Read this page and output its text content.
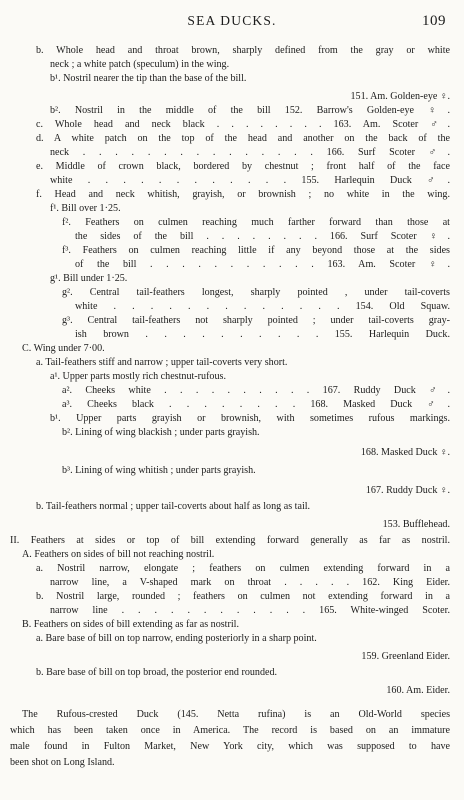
SEA DUCKS.	109
b. Whole head and throat brown, sharply defined from the gray or white
neck ; a white patch (speculum) in the wing.
b¹. Nostril nearer the tip than the base of the bill.
151. Am. Golden-eye ♀.
b². Nostril in the middle of the bill 152. Barrow's Golden-eye ♀.
c. Whole head and neck black . . . . . . . . 163. Am. Scoter ♂.
d. A white patch on the top of the head and another on the back of the
neck . . . . . . . . . . . . . . . 166. Surf Scoter ♂.
e. Middle of crown black, bordered by chestnut ; front half of the face
white . . . . . . . . . . . . 155. Harlequin Duck ♂.
f. Head and neck whitish, grayish, or brownish ; no white in the wing.
f¹. Bill over 1·25.
f². Feathers on culmen reaching much farther forward than those at
the sides of the bill . . . . . . . . 166. Surf Scoter ♀.
f³. Feathers on culmen reaching little if any beyond those at the sides
of the bill . . . . . . . . . . . 163. Am. Scoter ♀.
g¹. Bill under 1·25.
g². Central tail-feathers longest, sharply pointed , under tail-coverts
white . . . . . . . . . . . . . 154. Old Squaw.
g³. Central tail-feathers not sharply pointed ; under tail-coverts gray-
ish brown . . . . . . . . . . 155. Harlequin Duck.
C. Wing under 7·00.
a. Tail-feathers stiff and narrow ; upper tail-coverts very short.
a¹. Upper parts mostly rich chestnut-rufous.
a². Cheeks white . . . . . . . . . . 167. Ruddy Duck ♂.
a³. Cheeks black . . . . . . . . 168. Masked Duck ♂.
b¹. Upper parts grayish or brownish, with sometimes rufous markings.
b². Lining of wing blackish ; under parts grayish.
168. Masked Duck ♀.
b³. Lining of wing whitish ; under parts grayish.
167. Ruddy Duck ♀.
b. Tail-feathers normal ; upper tail-coverts about half as long as tail.
153. Bufflehead.
II. Feathers at sides or top of bill extending forward generally as far as nostril.
A. Feathers on sides of bill not reaching nostril.
a. Nostril narrow, elongate ; feathers on culmen extending forward in a
narrow line, a V-shaped mark on throat . . . . . 162. King Eider.
b. Nostril large, rounded ; feathers on culmen not extending forward in a
narrow line . . . . . . . . . . . . 165. White-winged Scoter.
B. Feathers on sides of bill extending as far as nostril.
a. Bare base of bill on top narrow, ending posteriorly in a sharp point.
159. Greenland Eider.
b. Bare base of bill on top broad, the posterior end rounded.
160. Am. Eider.
The Rufous-crested Duck (145. Netta rufina) is an Old-World species
which has been taken once in America. The record is based on an immature
male found in Fulton Market, New York city, which was supposed to have
been shot on Long Island.
